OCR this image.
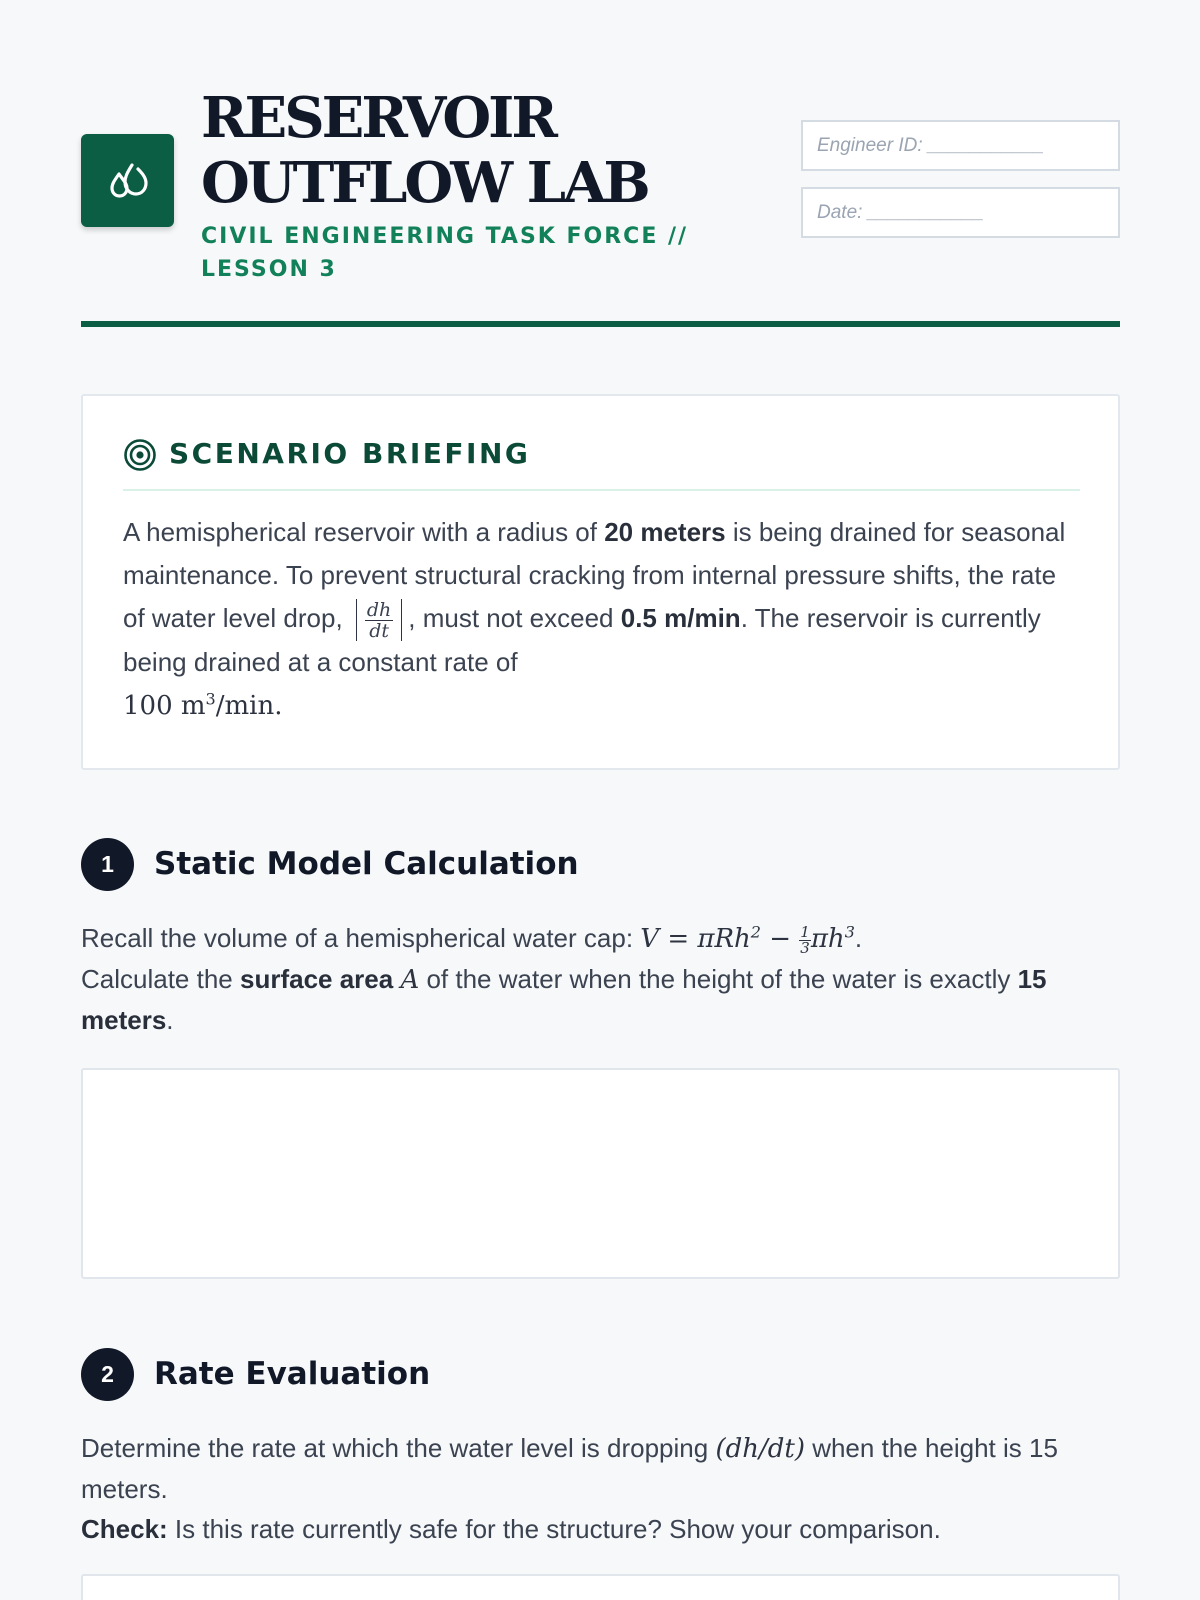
RESERVOIR
OUTFLOW LAB
CIVIL ENGINEERING TASK FORCE // LESSON 3
Engineer ID: ___________
Date: ___________
SCENARIO BRIEFING
A hemispherical reservoir with a radius of 20 meters is being drained for seasonal maintenance. To prevent structural cracking from internal pressure shifts, the rate of water level drop, $\frac{dh}{dt}$ , must not exceed 0.5 m/min. The reservoir is currently being drained at a constant rate of
100 $m^3/\min$.
1	Static Model Calculation
Recall the volume of a hemispherical water cap: $V = \pi Rh^2 - \frac{1}{3} \pi h^3$.
Calculate the surface area A of the water when the height of the water is exactly 15 meters.
2	Rate Evaluation
Determine the rate at which the water level is dropping (dh/dt) when the height is 15 meters.
Check: Is this rate currently safe for the structure? Show your comparison.
